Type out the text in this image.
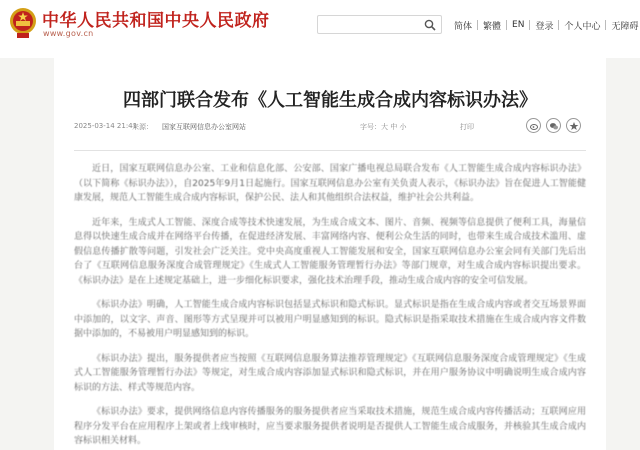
中华人民共和国中央人民政府
www.gov.cn
简体 繁體 EN 登录 个人中心 无障碍
四部门联合发布《人工智能生成合成内容标识办法》
2025-03-14 21:41
来源： 国家互联网信息办公室网站	字号：大 中 小	打印

近日，国家互联网信息办公室、工业和信息化部、公安部、国家广播电视总局联合发布《人工智能生成合成内容标识办法》（以下简称《标识办法》），自2025年9月1日起施行。国家互联网信息办公室有关负责人表示，《标识办法》旨在促进人工智能健康发展，规范人工智能生成合成内容标识，保护公民、法人和其他组织合法权益，维护社会公共利益。

近年来，生成式人工智能、深度合成等技术快速发展，为生成合成文本、图片、音频、视频等信息提供了便利工具，海量信息得以快速生成合成并在网络平台传播，在促进经济发展、丰富网络内容、便利公众生活的同时，也带来生成合成技术滥用、虚假信息传播扩散等问题，引发社会广泛关注。党中央高度重视人工智能发展和安全，国家互联网信息办公室会同有关部门先后出台了《互联网信息服务深度合成管理规定》《生成式人工智能服务管理暂行办法》等部门规章，对生成合成内容标识提出要求。《标识办法》是在上述规定基础上，进一步细化标识要求，强化技术治理手段，推动生成合成内容的安全可信发展。

《标识办法》明确，人工智能生成合成内容标识包括显式标识和隐式标识。显式标识是指在生成合成内容或者交互场景界面中添加的，以文字、声音、图形等方式呈现并可以被用户明显感知到的标识。隐式标识是指采取技术措施在生成合成内容文件数据中添加的，不易被用户明显感知到的标识。

《标识办法》提出，服务提供者应当按照《互联网信息服务算法推荐管理规定》《互联网信息服务深度合成管理规定》《生成式人工智能服务管理暂行办法》等规定，对生成合成内容添加显式标识和隐式标识，并在用户服务协议中明确说明生成合成内容标识的方法、样式等规范内容。

《标识办法》要求，提供网络信息内容传播服务的服务提供者应当采取技术措施，规范生成合成内容传播活动；互联网应用程序分发平台在应用程序上架或者上线审核时，应当要求服务提供者说明是否提供人工智能生成合成服务，并核验其生成合成内容标识相关材料。
